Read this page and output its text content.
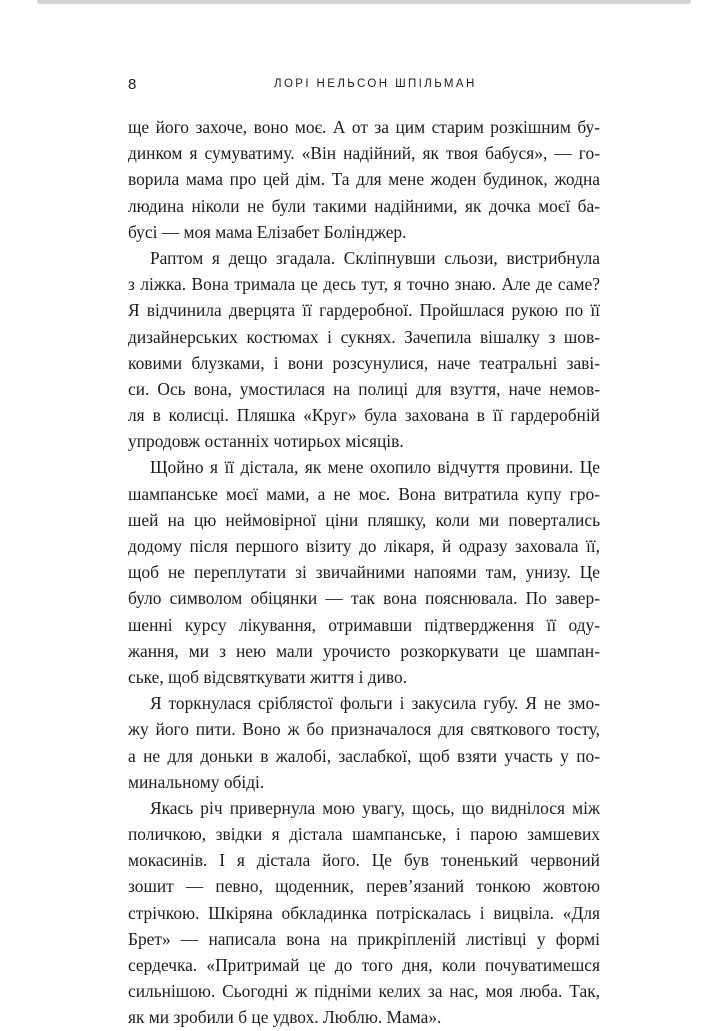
8	ЛОРІ НЕЛЬСОН ШПІЛЬМАН
ще його захоче, воно моє. А от за цим старим розкішним бу-
динком я сумуватиму. «Він надійний, як твоя бабуся», — го-
ворила мама про цей дім. Та для мене жоден будинок, жодна
людина ніколи не були такими надійними, як дочка моєї ба-
бусі — моя мама Елізабет Болінджер.
Раптом я дещо згадала. Скліпнувши сльози, вистрибнула
з ліжка. Вона тримала це десь тут, я точно знаю. Але де саме?
Я відчинила дверцята її гардеробної. Пройшлася рукою по її
дизайнерських костюмах і сукнях. Зачепила вішалку з шов-
ковими блузками, і вони розсунулися, наче театральні заві-
си. Ось вона, умостилася на полиці для взуття, наче немов-
ля в колисці. Пляшка «Круг» була захована в її гардеробній
упродовж останніх чотирьох місяців.
Щойно я її дістала, як мене охопило відчуття провини. Це
шампанське моєї мами, а не моє. Вона витратила купу гро-
шей на цю неймовірної ціни пляшку, коли ми повертались
додому після першого візиту до лікаря, й одразу заховала її,
щоб не переплутати зі звичайними напоями там, унизу. Це
було символом обіцянки — так вона пояснювала. По завер-
шенні курсу лікування, отримавши підтвердження її оду-
жання, ми з нею мали урочисто розкоркувати це шампан-
ське, щоб відсвяткувати життя і диво.
Я торкнулася сріблястої фольги і закусила губу. Я не змо-
жу його пити. Воно ж бо призначалося для святкового тосту,
а не для доньки в жалобі, заслабкої, щоб взяти участь у по-
минальному обіді.
Якась річ привернула мою увагу, щось, що виднілося між
поличкою, звідки я дістала шампанське, і парою замшевих
мокасинів. І я дістала його. Це був тоненький червоний
зошит — певно, щоденник, перев’язаний тонкою жовтою
стрічкою. Шкіряна обкладинка потріскалась і вицвіла. «Для
Брет» — написала вона на прикріпленій листівці у формі
сердечка. «Притримай це до того дня, коли почуватимешся
сильнішою. Сьогодні ж підніми келих за нас, моя люба. Так,
як ми зробили б це удвох. Люблю. Мама».
